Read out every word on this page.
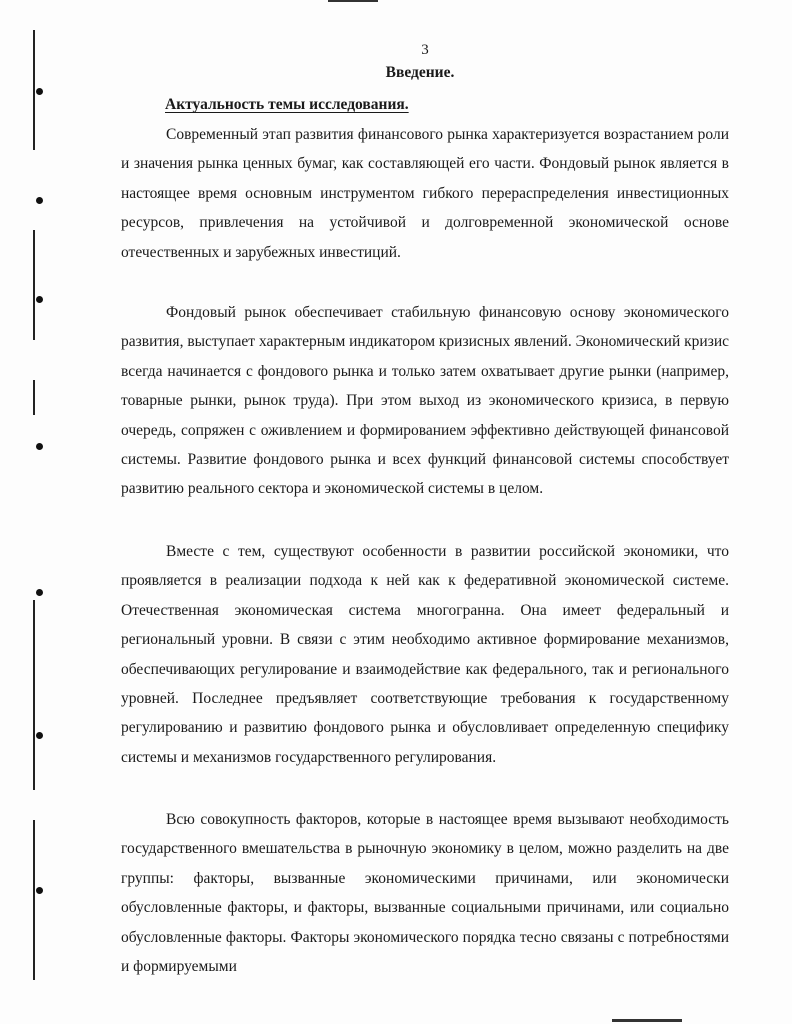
3
Введение.
Актуальность темы исследования.

Современный этап развития финансового рынка характеризуется возрастанием роли и значения рынка ценных бумаг, как составляющей его части. Фондовый рынок является в настоящее время основным инструментом гибкого перераспределения инвестиционных ресурсов, привлечения на устойчивой и долговременной экономической основе отечественных и зарубежных инвестиций.

Фондовый рынок обеспечивает стабильную финансовую основу экономического развития, выступает характерным индикатором кризисных явлений. Экономический кризис всегда начинается с фондового рынка и только затем охватывает другие рынки (например, товарные рынки, рынок труда). При этом выход из экономического кризиса, в первую очередь, сопряжен с оживлением и формированием эффективно действующей финансовой системы. Развитие фондового рынка и всех функций финансовой системы способствует развитию реального сектора и экономической системы в целом.

Вместе с тем, существуют особенности в развитии российской экономики, что проявляется в реализации подхода к ней как к федеративной экономической системе. Отечественная экономическая система многогранна. Она имеет федеральный и региональный уровни. В связи с этим необходимо активное формирование механизмов, обеспечивающих регулирование и взаимодействие как федерального, так и регионального уровней. Последнее предъявляет соответствующие требования к государственному регулированию и развитию фондового рынка и обусловливает определенную специфику системы и механизмов государственного регулирования.

Всю совокупность факторов, которые в настоящее время вызывают необходимость государственного вмешательства в рыночную экономику в целом, можно разделить на две группы: факторы, вызванные экономическими причинами, или экономически обусловленные факторы, и факторы, вызванные социальными причинами, или социально обусловленные факторы. Факторы экономического порядка тесно связаны с потребностями и формируемыми
